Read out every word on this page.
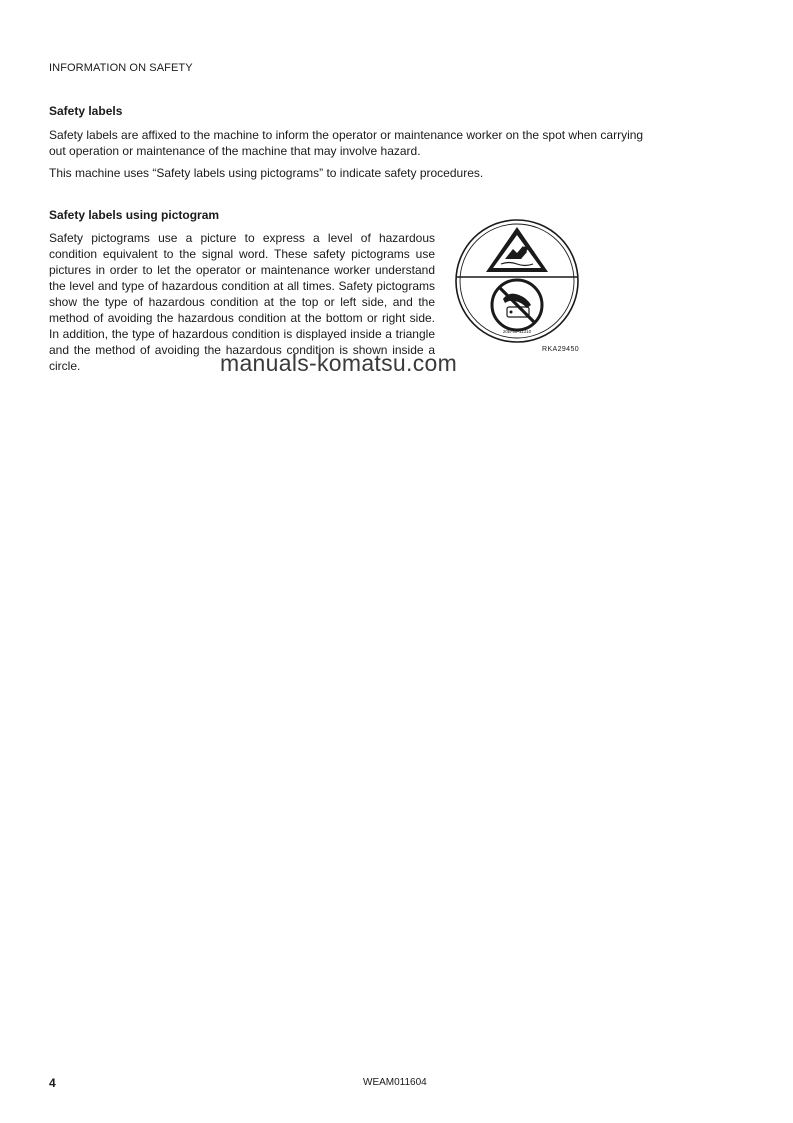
INFORMATION ON SAFETY
Safety labels
Safety labels are affixed to the machine to inform the operator or maintenance worker on the spot when carrying
out operation or maintenance of the machine that may involve hazard.
This machine uses “Safety labels using pictograms” to indicate safety procedures.
Safety labels using pictogram
Safety pictograms use a picture to express a level of hazardous condition equivalent to the signal word. These safety pictograms use pictures in order to let the operator or maintenance worker understand the level and type of hazardous condition at all times. Safety pictograms show the type of hazardous condition at the top or left side, and the method of avoiding the hazardous condition at the bottom or right side. In addition, the type of hazardous condition is displayed inside a triangle and the method of avoiding the hazardous condition is shown inside a circle.
20B-98-11310
RKA29450
manuals-komatsu.com
4	WEAM011604
